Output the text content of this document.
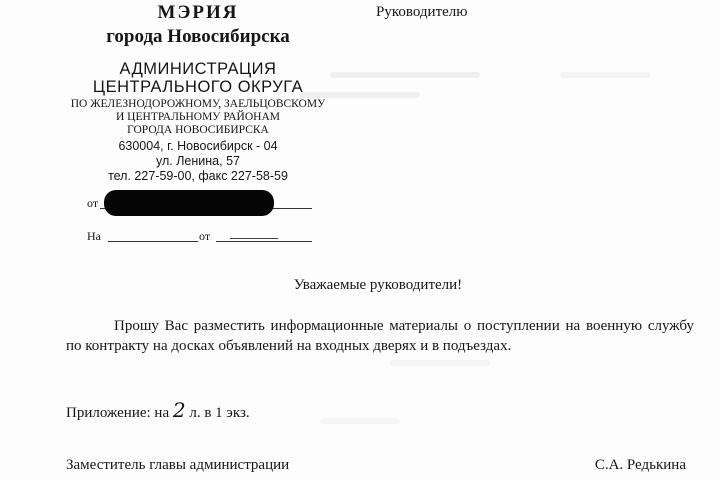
МЭРИЯ
города Новосибирска
АДМИНИСТРАЦИЯ
ЦЕНТРАЛЬНОГО ОКРУГА
ПО ЖЕЛЕЗНОДОРОЖНОМУ, ЗАЕЛЬЦОВСКОМУ
И ЦЕНТРАЛЬНОМУ РАЙОНАМ
ГОРОДА НОВОСИБИРСКА
630004, г. Новосибирск - 04
ул. Ленина, 57
тел. 227-59-00, факс 227-58-59
от
На	от
Руководителю
Уважаемые руководители!
Прошу Вас разместить информационные материалы о поступлении на военную службу по контракту на досках объявлений на входных дверях и в подъездах.
Приложение: на 2 л. в 1 экз.
Заместитель главы администрации	С.А. Редькина
